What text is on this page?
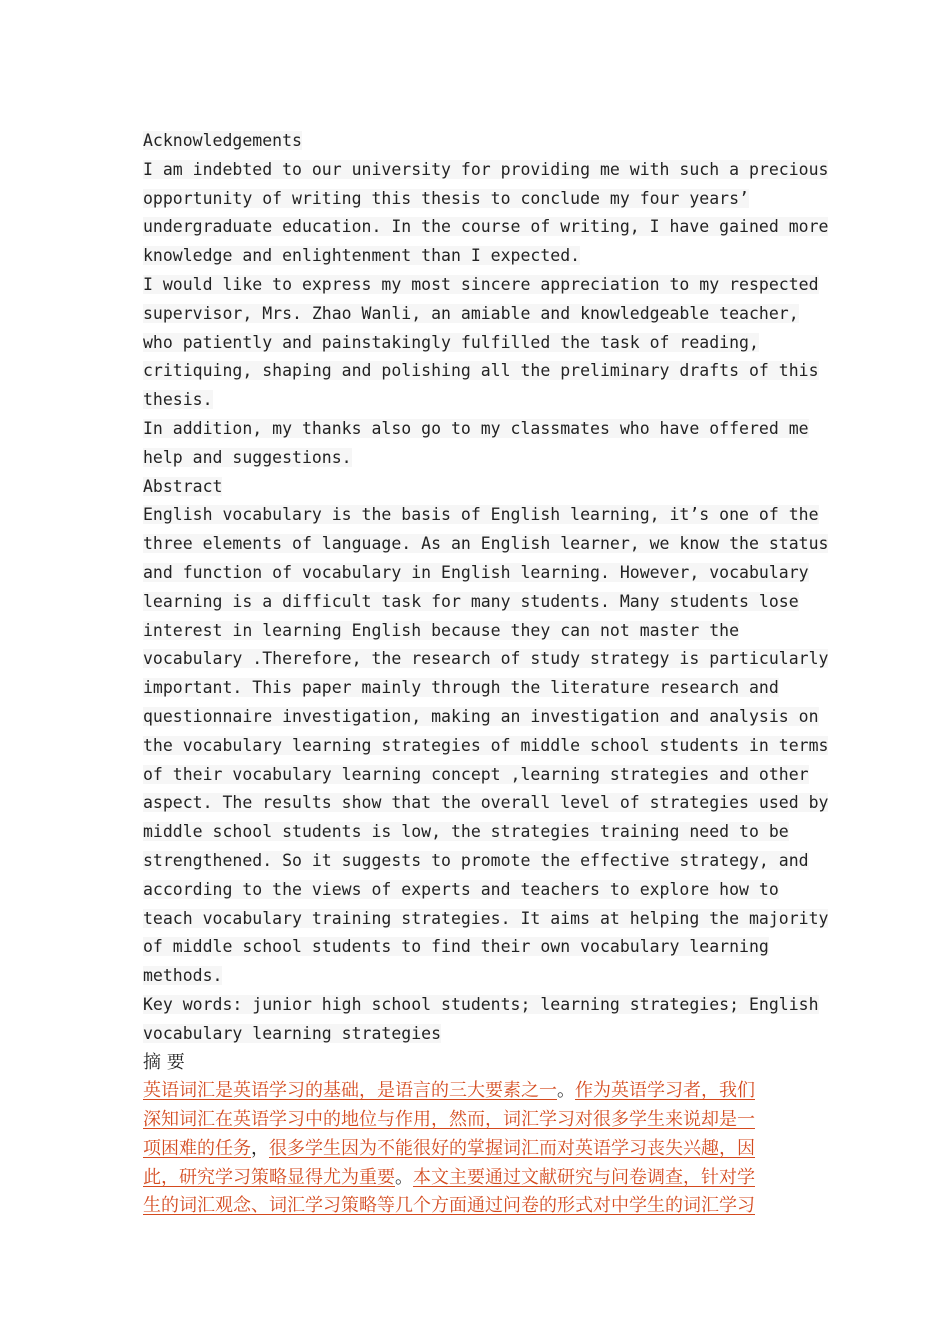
Acknowledgements
I am indebted to our university for providing me with such a precious
opportunity of writing this thesis to conclude my four years’
undergraduate education. In the course of writing, I have gained more
knowledge and enlightenment than I expected.
I would like to express my most sincere appreciation to my respected
supervisor, Mrs. Zhao Wanli, an amiable and knowledgeable teacher,
who patiently and painstakingly fulfilled the task of reading,
critiquing, shaping and polishing all the preliminary drafts of this
thesis.
In addition, my thanks also go to my classmates who have offered me
help and suggestions.
Abstract
English vocabulary is the basis of English learning, it’s one of the
three elements of language. As an English learner, we know the status
and function of vocabulary in English learning. However, vocabulary
learning is a difficult task for many students. Many students lose
interest in learning English because they can not master the
vocabulary .Therefore, the research of study strategy is particularly
important. This paper mainly through the literature research and
questionnaire investigation, making an investigation and analysis on
the vocabulary learning strategies of middle school students in terms
of their vocabulary learning concept ,learning strategies and other
aspect. The results show that the overall level of strategies used by
middle school students is low, the strategies training need to be
strengthened. So it suggests to promote the effective strategy, and
according to the views of experts and teachers to explore how to
teach vocabulary training strategies. It aims at helping the majority
of middle school students to find their own vocabulary learning
methods.
Key words: junior high school students; learning strategies; English
vocabulary learning strategies
摘 要
英语词汇是英语学习的基础，是语言的三大要素之一。作为英语学习者，我们
深知词汇在英语学习中的地位与作用，然而，词汇学习对很多学生来说却是一
项困难的任务，很多学生因为不能很好的掌握词汇而对英语学习丧失兴趣，因
此，研究学习策略显得尤为重要。本文主要通过文献研究与问卷调查，针对学
生的词汇观念、词汇学习策略等几个方面通过问卷的形式对中学生的词汇学习
